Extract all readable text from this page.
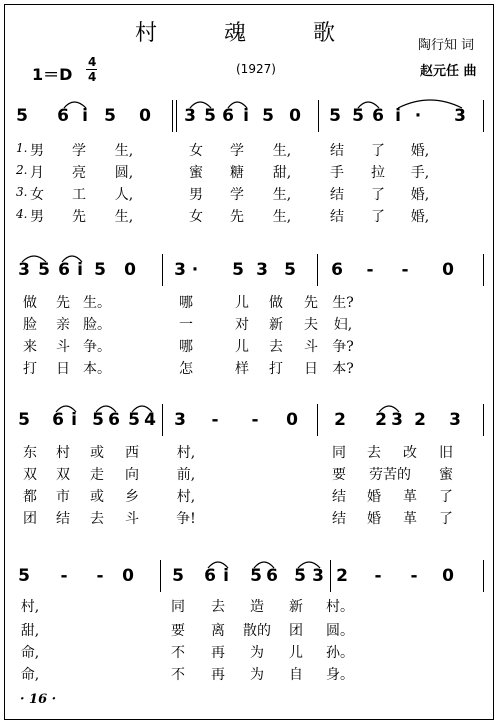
村 魂 歌	陶行知 词
赵元任 曲
1＝D
4
4
(1927)
5 6 i 5 0 3 5 6 i 5 0 5 5 6 i · 3
1. 男 学 生,	女 学 生,	结 了 婚,
2. 月 亮 圆,	蜜 糖 甜,	手 拉 手,
3. 女 工 人,	男 学 生,	结 了 婚,
4. 男 先 生,	女 先 生,	结 了 婚,
3 5 6 i 5 0 3 · 5 3 5 6 - - 0
做 先 生。	哪	儿 做 先 生?
脸 亲 脸。	一	对 新 夫 妇,
来 斗 争。	哪	儿 去 斗 争?
打 日 本。	怎	样 打 日 本?
5 6 i 5 6 5 4 3 - - 0 2 2 3 2 3
东 村 或 西	村,	同 去 改 旧
双 双 走 向	前,	要 劳苦的 蜜
都 市 或 乡	村,	结 婚 革 了
团 结 去 斗	争!	结 婚 革 了
5 - - 0 5 6 i 5 6 5 3 2 - - 0
村,	同 去 造 新 村。
甜,	要 离 散的 团 圆。
命,	不 再 为 儿 孙。
命,	不 再 为 自 身。
· 16 ·
